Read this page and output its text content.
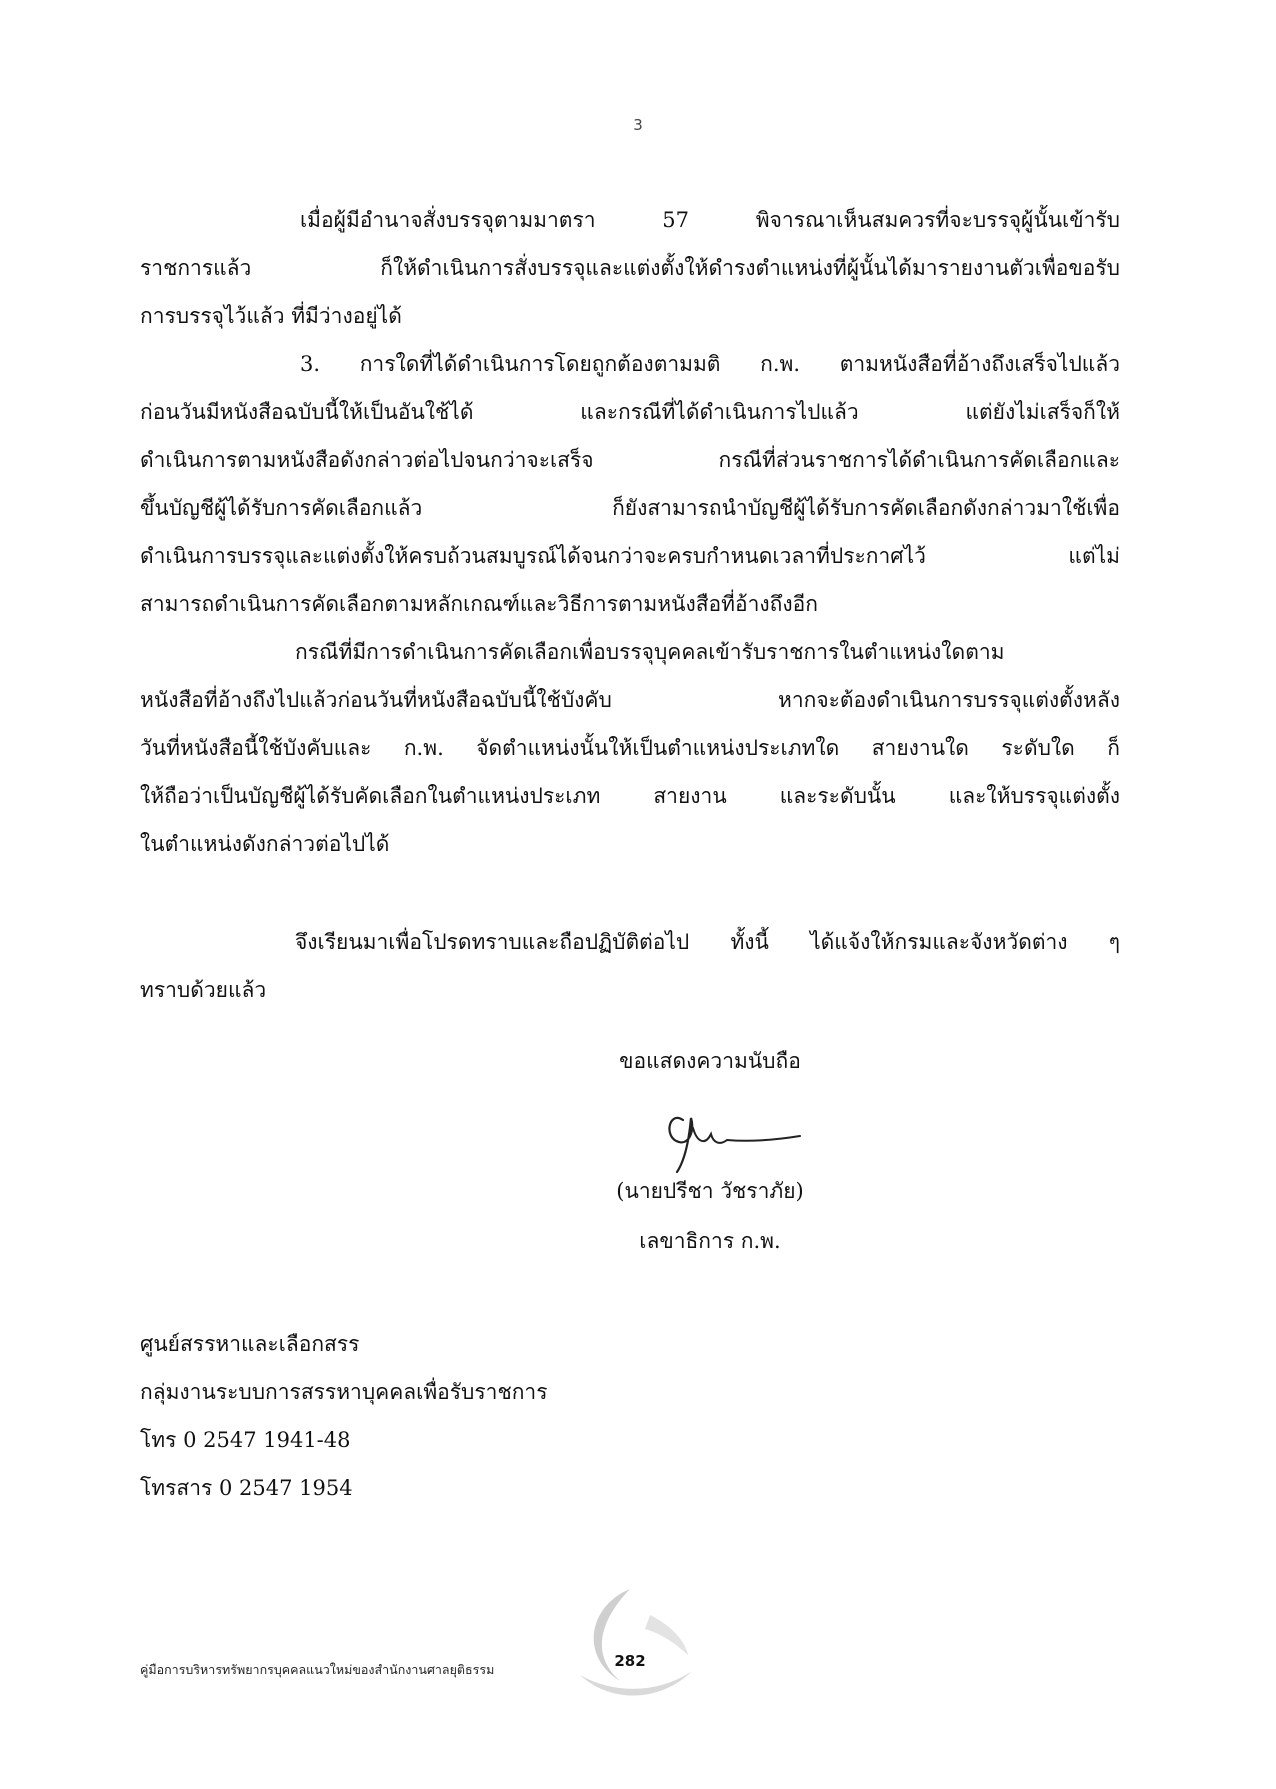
3
เมื่อผู้มีอำนาจสั่งบรรจุตามมาตรา 57 พิจารณาเห็นสมควรที่จะบรรจุผู้นั้นเข้ารับ
ราชการแล้ว ก็ให้ดำเนินการสั่งบรรจุและแต่งตั้งให้ดำรงตำแหน่งที่ผู้นั้นได้มารายงานตัวเพื่อขอรับ
การบรรจุไว้แล้ว ที่มีว่างอยู่ได้
3. การใดที่ได้ดำเนินการโดยถูกต้องตามมติ ก.พ. ตามหนังสือที่อ้างถึงเสร็จไปแล้ว
ก่อนวันมีหนังสือฉบับนี้ให้เป็นอันใช้ได้ และกรณีที่ได้ดำเนินการไปแล้ว แต่ยังไม่เสร็จก็ให้
ดำเนินการตามหนังสือดังกล่าวต่อไปจนกว่าจะเสร็จ กรณีที่ส่วนราชการได้ดำเนินการคัดเลือกและ
ขึ้นบัญชีผู้ได้รับการคัดเลือกแล้ว ก็ยังสามารถนำบัญชีผู้ได้รับการคัดเลือกดังกล่าวมาใช้เพื่อ
ดำเนินการบรรจุและแต่งตั้งให้ครบถ้วนสมบูรณ์ได้จนกว่าจะครบกำหนดเวลาที่ประกาศไว้ แต่ไม่
สามารถดำเนินการคัดเลือกตามหลักเกณฑ์และวิธีการตามหนังสือที่อ้างถึงอีก
กรณีที่มีการดำเนินการคัดเลือกเพื่อบรรจุบุคคลเข้ารับราชการในตำแหน่งใดตาม
หนังสือที่อ้างถึงไปแล้วก่อนวันที่หนังสือฉบับนี้ใช้บังคับ หากจะต้องดำเนินการบรรจุแต่งตั้งหลัง
วันที่หนังสือนี้ใช้บังคับและ ก.พ. จัดตำแหน่งนั้นให้เป็นตำแหน่งประเภทใด สายงานใด ระดับใด ก็
ให้ถือว่าเป็นบัญชีผู้ได้รับคัดเลือกในตำแหน่งประเภท สายงาน และระดับนั้น และให้บรรจุแต่งตั้ง
ในตำแหน่งดังกล่าวต่อไปได้
จึงเรียนมาเพื่อโปรดทราบและถือปฏิบัติต่อไป ทั้งนี้ ได้แจ้งให้กรมและจังหวัดต่าง ๆ
ทราบด้วยแล้ว
ขอแสดงความนับถือ
(นายปรีชา วัชราภัย)
เลขาธิการ ก.พ.
ศูนย์สรรหาและเลือกสรร
กลุ่มงานระบบการสรรหาบุคคลเพื่อรับราชการ
โทร 0 2547 1941-48
โทรสาร 0 2547 1954
คู่มือการบริหารทรัพยากรบุคคลแนวใหม่ของสำนักงานศาลยุติธรรม	282
